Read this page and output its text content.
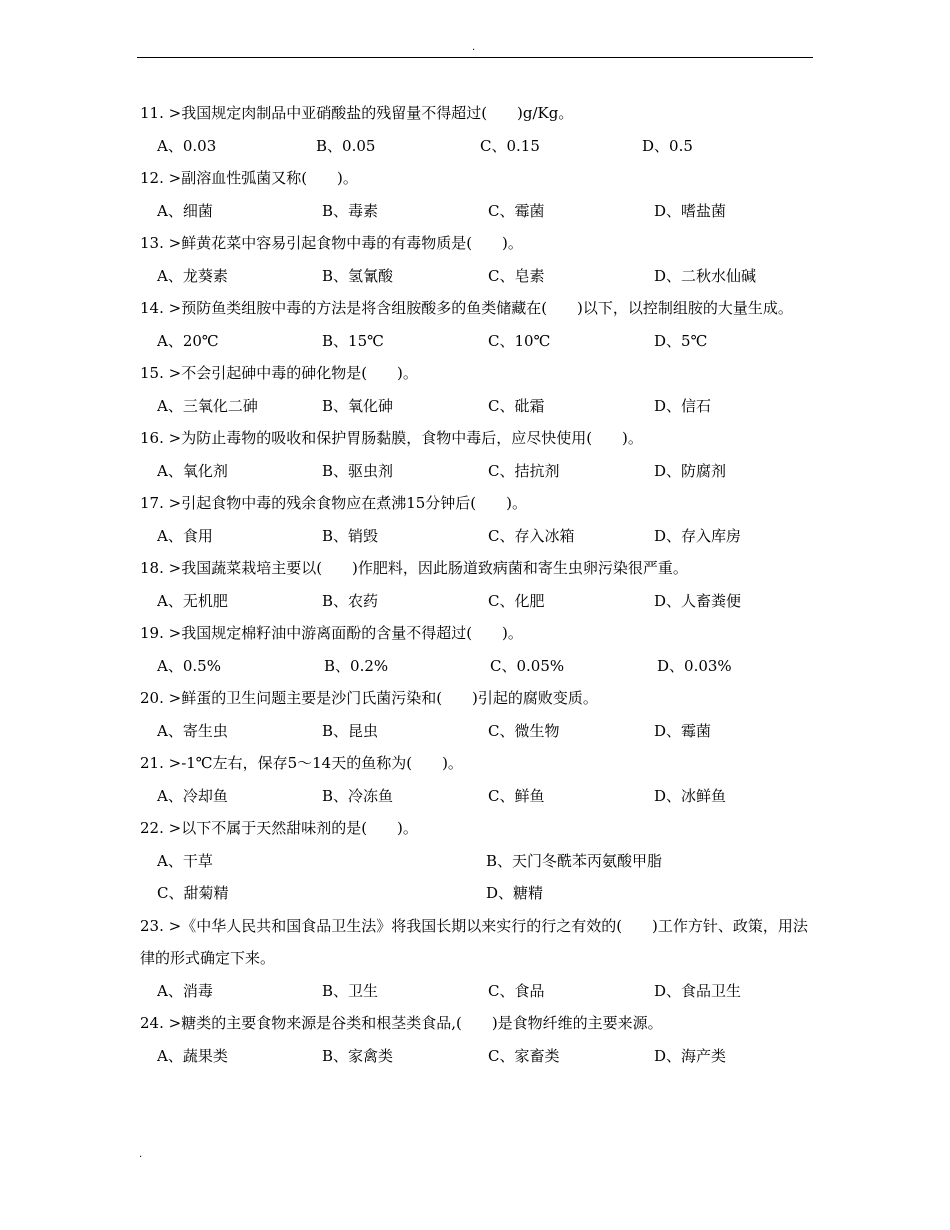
.
11. >我国规定肉制品中亚硝酸盐的残留量不得超过(　　)g/Kg。
A、0.03	B、0.05	C、0.15	D、0.5
12. >副溶血性弧菌又称(　　)。
A、细菌	B、毒素	C、霉菌	D、嗜盐菌
13. >鲜黄花菜中容易引起食物中毒的有毒物质是(　　)。
A、龙葵素	B、氢氰酸	C、皂素	D、二秋水仙碱
14. >预防鱼类组胺中毒的方法是将含组胺酸多的鱼类储藏在(　　)以下，以控制组胺的大量生成。
A、20℃	B、15℃	C、10℃	D、5℃
15. >不会引起砷中毒的砷化物是(　　)。
A、三氧化二砷	B、氧化砷	C、砒霜	D、信石
16. >为防止毒物的吸收和保护胃肠黏膜，食物中毒后，应尽快使用(　　)。
A、氧化剂	B、驱虫剂	C、拮抗剂	D、防腐剂
17. >引起食物中毒的残余食物应在煮沸15分钟后(　　)。
A、食用	B、销毁	C、存入冰箱	D、存入库房
18. >我国蔬菜栽培主要以(　　)作肥料，因此肠道致病菌和寄生虫卵污染很严重。
A、无机肥	B、农药	C、化肥	D、人畜粪便
19. >我国规定棉籽油中游离面酚的含量不得超过(　　)。
A、0.5%	B、0.2%	C、0.05%	D、0.03%
20. >鲜蛋的卫生问题主要是沙门氏菌污染和(　　)引起的腐败变质。
A、寄生虫	B、昆虫	C、微生物	D、霉菌
21. >-1℃左右，保存5～14天的鱼称为(　　)。
A、冷却鱼	B、冷冻鱼	C、鲜鱼	D、冰鲜鱼
22. >以下不属于天然甜味剂的是(　　)。
A、干草	B、天门冬酰苯丙氨酸甲脂
C、甜菊精	D、糖精
23. >《中华人民共和国食品卫生法》将我国长期以来实行的行之有效的(　　)工作方针、政策，用法律的形式确定下来。
A、消毒	B、卫生	C、食品	D、食品卫生
24. >糖类的主要食物来源是谷类和根茎类食品,(　　)是食物纤维的主要来源。
A、蔬果类	B、家禽类	C、家畜类	D、海产类
.
